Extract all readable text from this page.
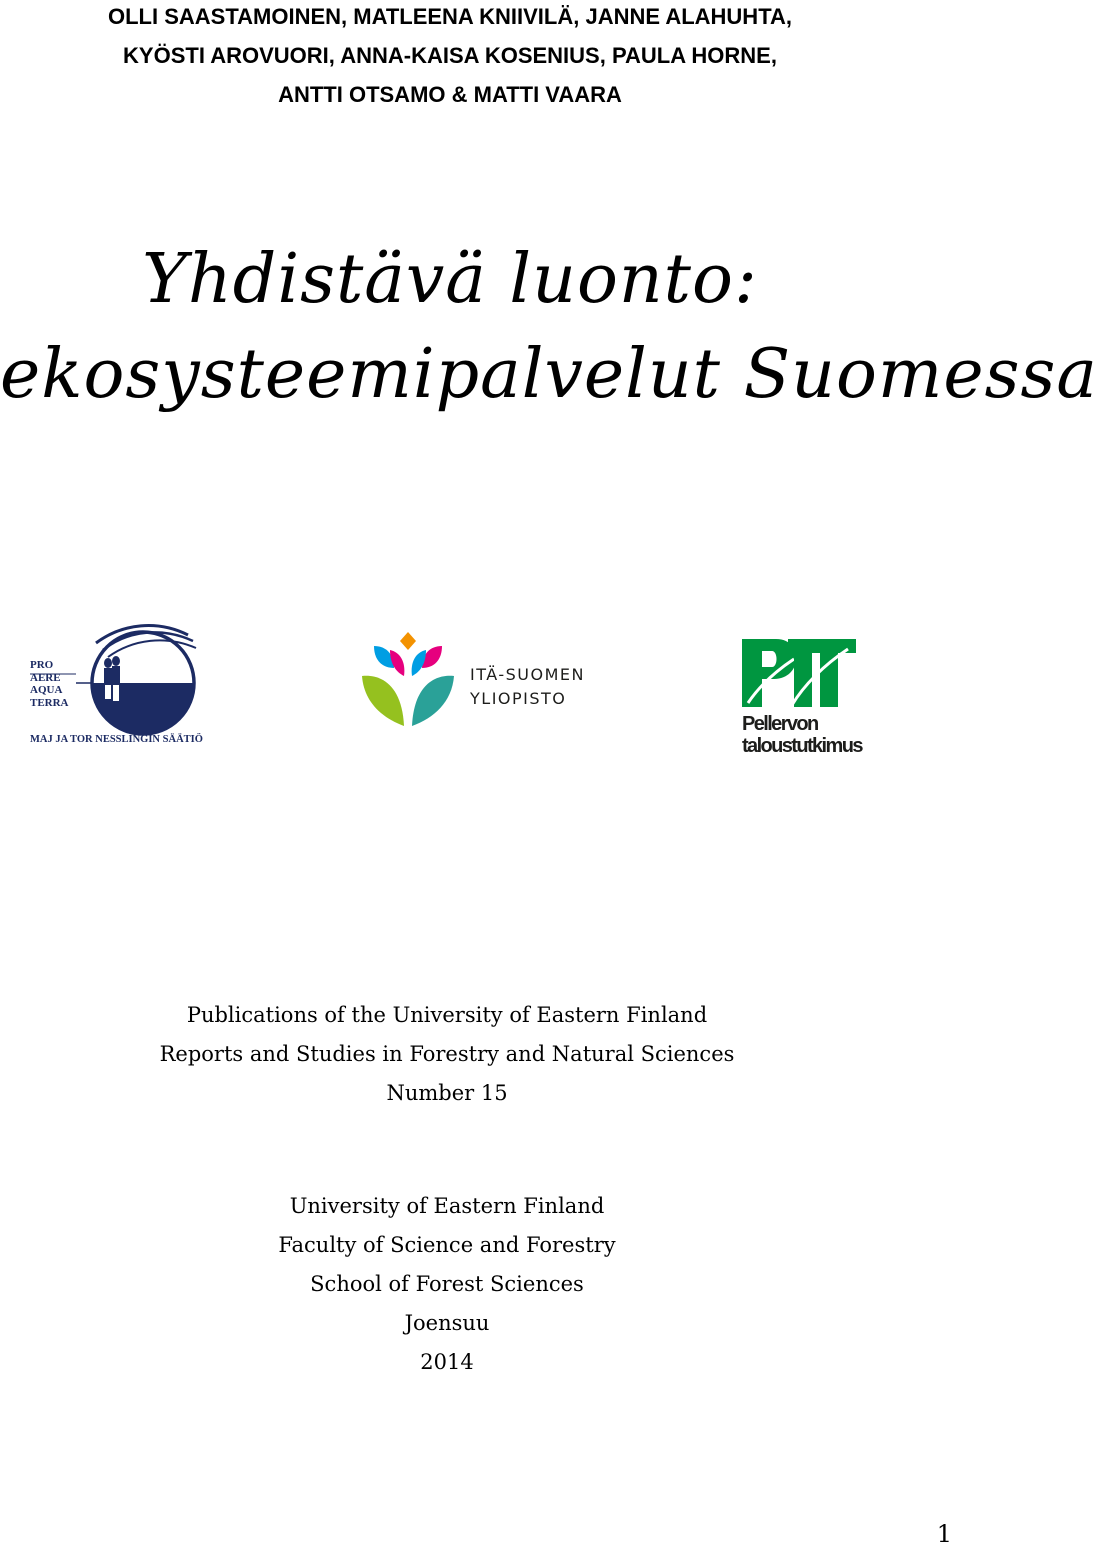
OLLI SAASTAMOINEN, MATLEENA KNIIVILÄ, JANNE ALAHUHTA,
KYÖSTI AROVUORI, ANNA-KAISA KOSENIUS, PAULA HORNE,
ANTTI OTSAMO & MATTI VAARA
Yhdistävä luonto:
ekosysteemipalvelut Suomessa
PRO
AERE
AQUA
TERRA
MAJ JA TOR NESSLINGIN SÄÄTIÖ
ITÄ-SUOMEN
YLIOPISTO
Pellervon
taloustutkimus
Publications of the University of Eastern Finland
Reports and Studies in Forestry and Natural Sciences
Number 15
University of Eastern Finland
Faculty of Science and Forestry
School of Forest Sciences
Joensuu
2014
1
